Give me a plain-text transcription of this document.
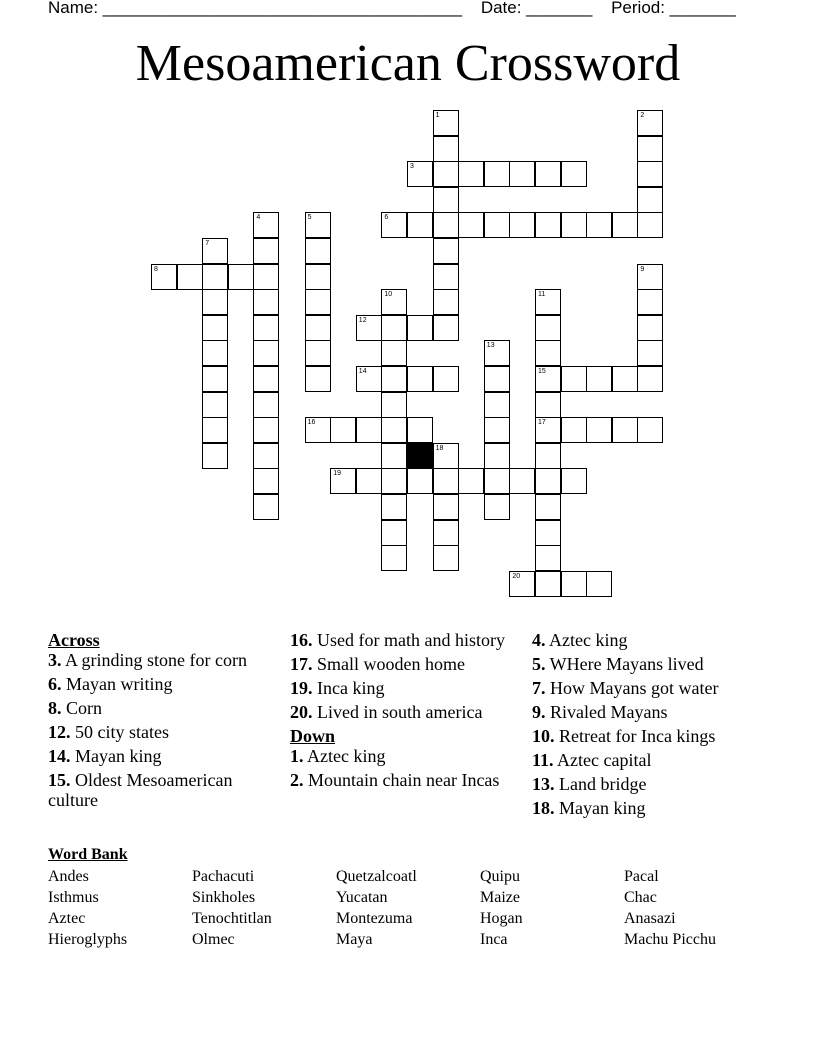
Name: ______________________________________ Date: _______ Period: _______
Mesoamerican Crossword
1	2
3
4	5	6
7
8	9
10	11
15
17
12
13
14
16
18
19
20
Across
3. A grinding stone for corn
6. Mayan writing
8. Corn
12. 50 city states
14. Mayan king
15. Oldest Mesoamerican culture
16. Used for math and history
17. Small wooden home
19. Inca king
20. Lived in south america
Down
1. Aztec king
2. Mountain chain near Incas
4. Aztec king
5. WHere Mayans lived
7. How Mayans got water
9. Rivaled Mayans
10. Retreat for Inca kings
11. Aztec capital
13. Land bridge
18. Mayan king
Word Bank
Andes	Pachacuti	Quetzalcoatl	Quipu	Pacal
Isthmus	Sinkholes	Yucatan	Maize	Chac
Aztec	Tenochtitlan	Montezuma	Hogan	Anasazi
Hieroglyphs	Olmec	Maya	Inca	Machu Picchu
